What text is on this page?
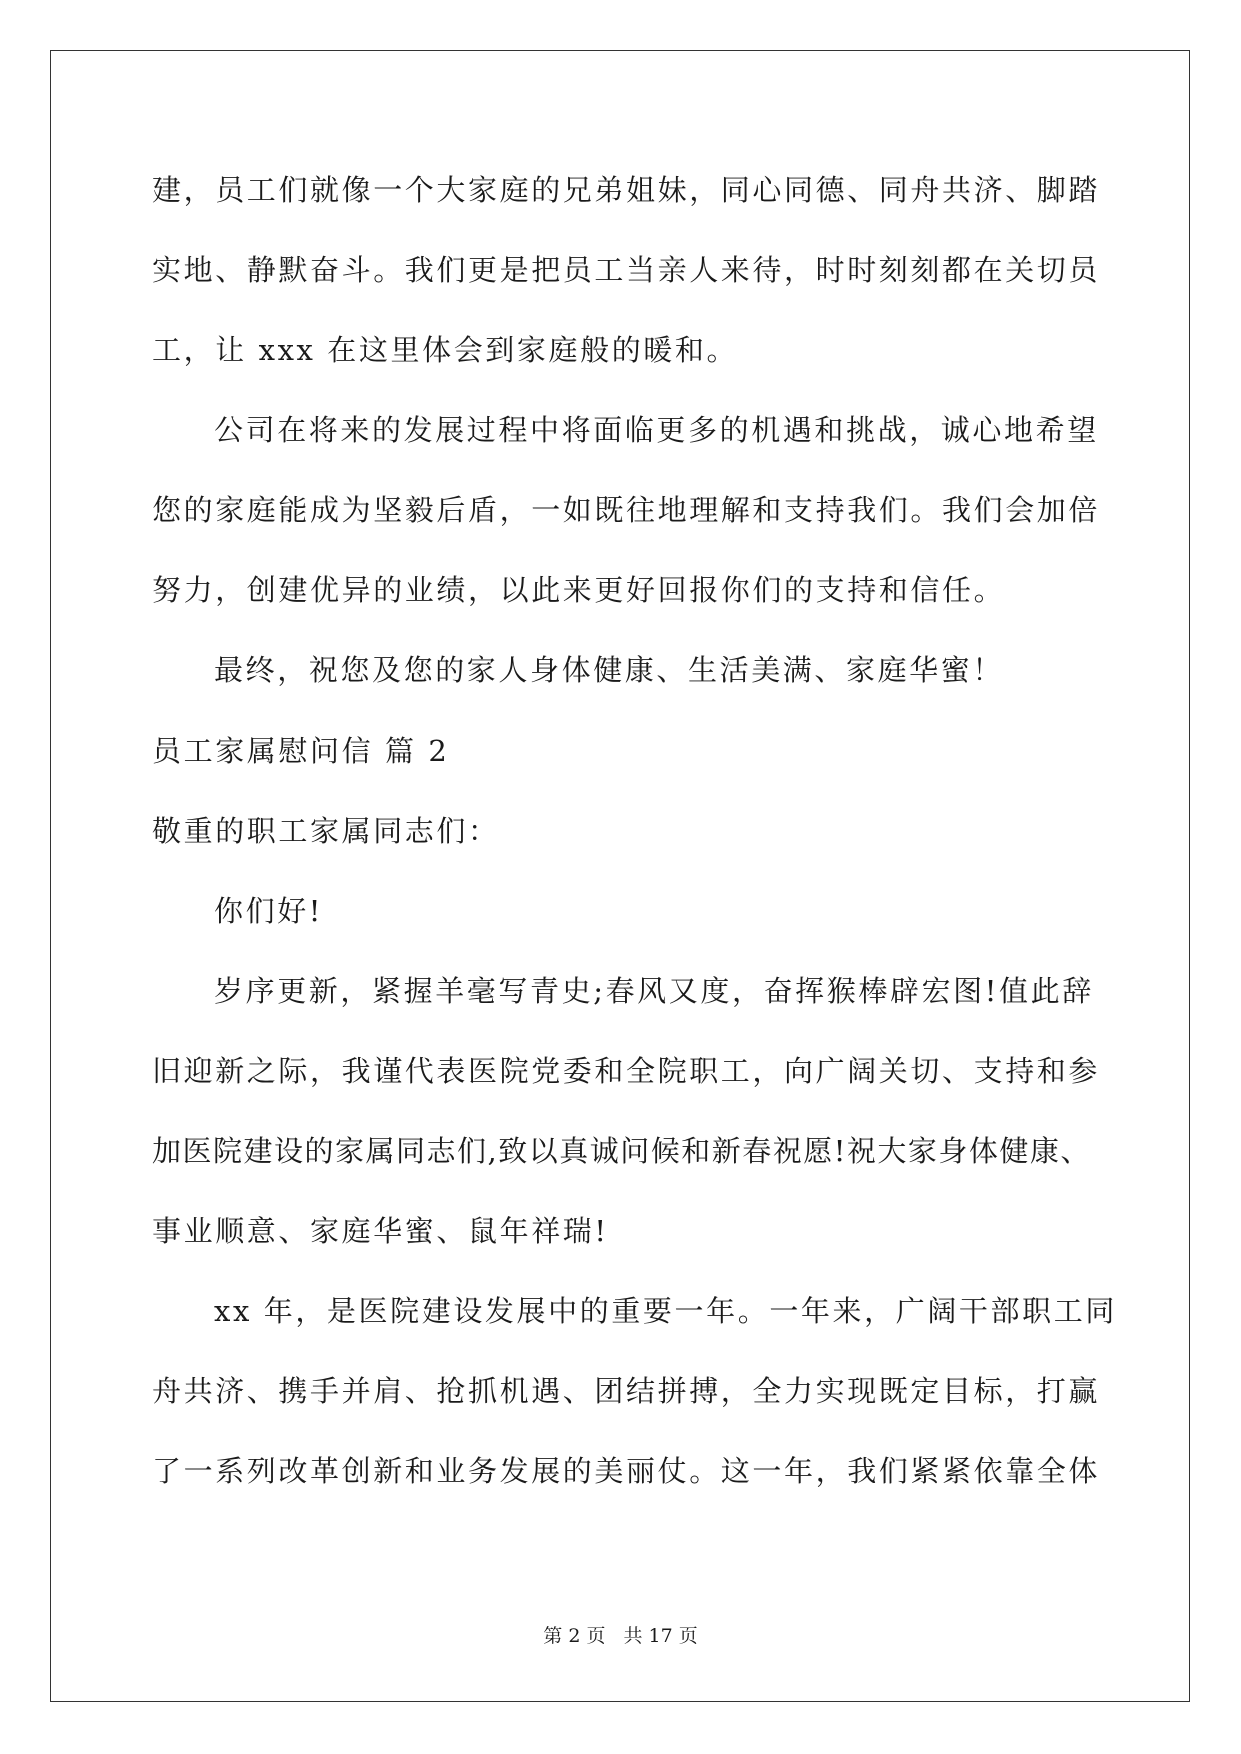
建，员工们就像一个大家庭的兄弟姐妹，同心同德、同舟共济、脚踏
实地、静默奋斗。我们更是把员工当亲人来待，时时刻刻都在关切员
工，让 xxx 在这里体会到家庭般的暖和。
公司在将来的发展过程中将面临更多的机遇和挑战，诚心地希望
您的家庭能成为坚毅后盾，一如既往地理解和支持我们。我们会加倍
努力，创建优异的业绩，以此来更好回报你们的支持和信任。
最终，祝您及您的家人身体健康、生活美满、家庭华蜜！
员工家属慰问信 篇 2
敬重的职工家属同志们：
你们好!
岁序更新，紧握羊毫写青史;春风又度，奋挥猴棒辟宏图!值此辞
旧迎新之际，我谨代表医院党委和全院职工，向广阔关切、支持和参
加医院建设的家属同志们,致以真诚问候和新春祝愿!祝大家身体健康、
事业顺意、家庭华蜜、鼠年祥瑞!
xx 年，是医院建设发展中的重要一年。一年来，广阔干部职工同
舟共济、携手并肩、抢抓机遇、团结拼搏，全力实现既定目标，打赢
了一系列改革创新和业务发展的美丽仗。这一年，我们紧紧依靠全体
第 2 页 共 17 页
